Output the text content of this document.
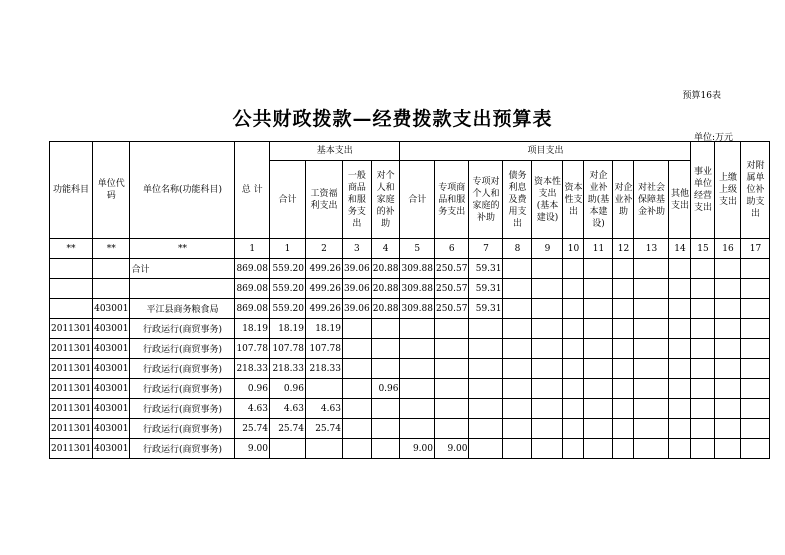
预算16表
公共财政拨款—经费拨款支出预算表
单位:万元
功能科目	单位代码	单位名称(功能科目)	总 计	基本支出				项目支出										事业单位经营支出	上缴上级支出	对附属单位补助支出
				合计	工资福利支出	一般商品和服务支出	对个人和家庭的补助	合计	专项商品和服务支出	专项对个人和家庭的补助	债务利息及费用支出	资本性支出(基本建设)	资本性支出	对企业补助(基本建设)	对企业补助	对社会保障基金补助	其他支出			
**	**	**	1	1	2	3	4	5	6	7	8	9	10	11	12	13	14	15	16	17
		合计	869.08	559.20	499.26	39.06	20.88	309.88	250.57	59.31										
			869.08	559.20	499.26	39.06	20.88	309.88	250.57	59.31										
	403001	平江县商务粮食局	869.08	559.20	499.26	39.06	20.88	309.88	250.57	59.31										
2011301	403001	行政运行(商贸事务)	18.19	18.19	18.19															
2011301	403001	行政运行(商贸事务)	107.78	107.78	107.78															
2011301	403001	行政运行(商贸事务)	218.33	218.33	218.33															
2011301	403001	行政运行(商贸事务)	0.96	0.96			0.96													
2011301	403001	行政运行(商贸事务)	4.63	4.63	4.63															
2011301	403001	行政运行(商贸事务)	25.74	25.74	25.74															
2011301	403001	行政运行(商贸事务)	9.00					9.00	9.00											
